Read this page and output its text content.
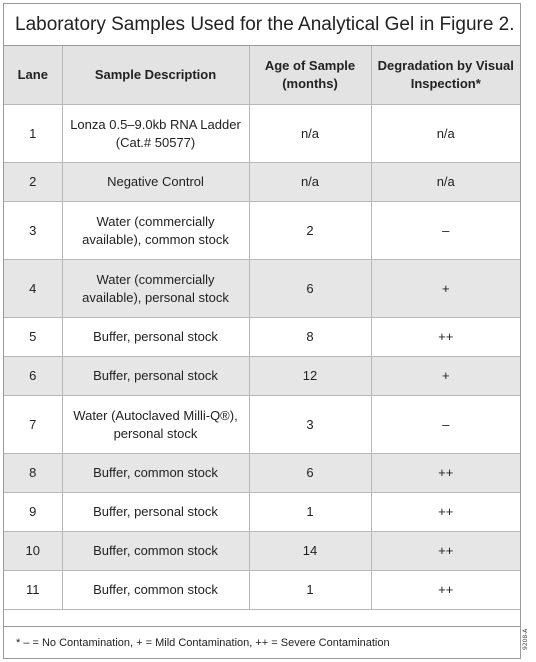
Laboratory Samples Used for the Analytical Gel in Figure 2.
Lane	Sample Description	Age of Sample (months)	Degradation by Visual Inspection*
1	Lonza 0.5–9.0kb RNA Ladder (Cat.# 50577)	n/a	n/a
2	Negative Control	n/a	n/a
3	Water (commercially available), common stock	2	–
4	Water (commercially available), personal stock	6	+
5	Buffer, personal stock	8	++
6	Buffer, personal stock	12	+
7	Water (Autoclaved Milli-Q®), personal stock	3	–
8	Buffer, common stock	6	++
9	Buffer, personal stock	1	++
10	Buffer, common stock	14	++
11	Buffer, common stock	1	++
* – = No Contamination, + = Mild Contamination, ++ = Severe Contamination	9208-A
